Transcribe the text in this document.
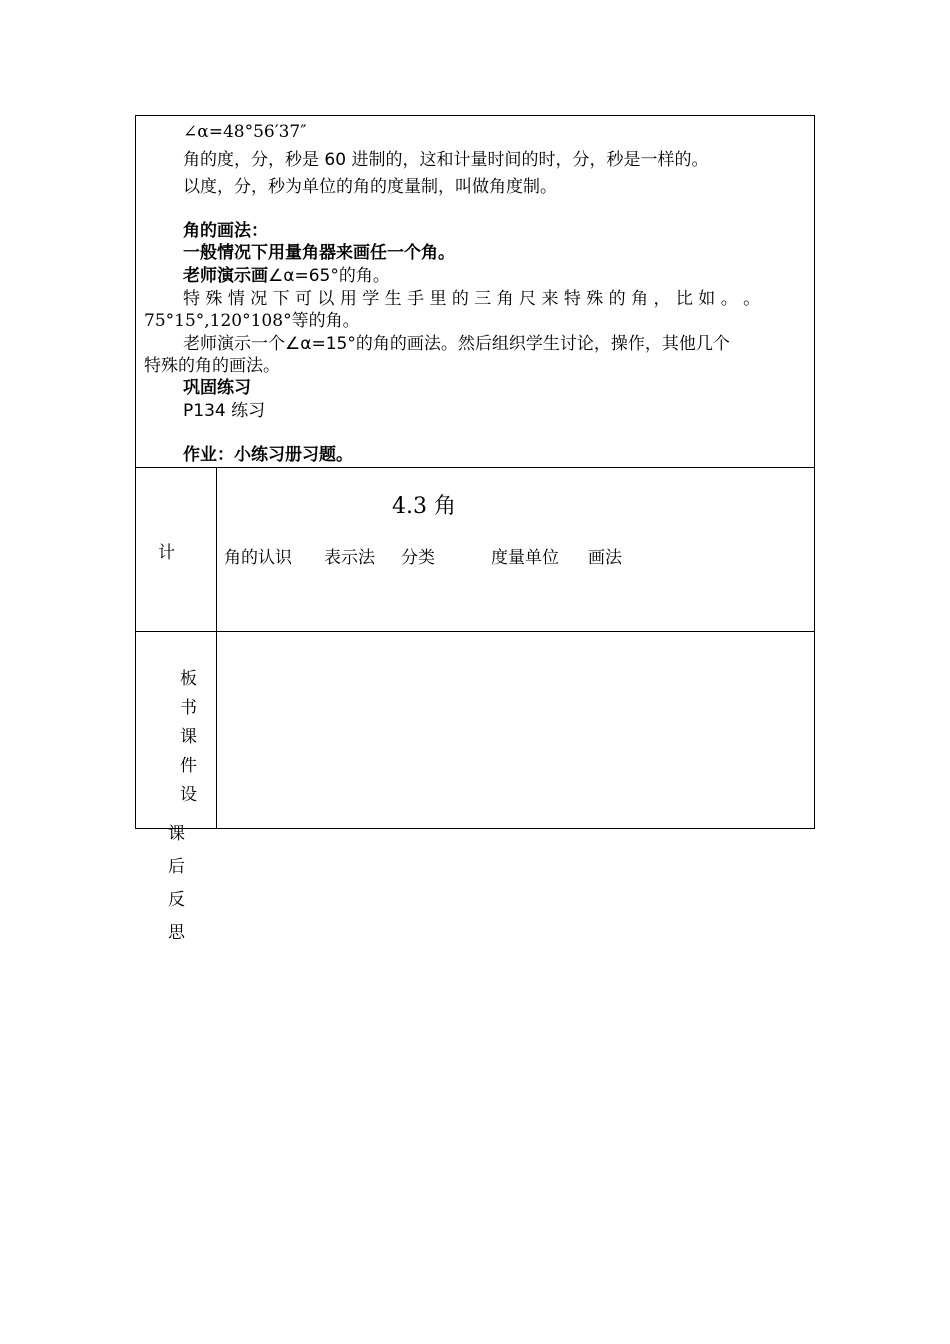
∠α=48°56′37″
角的度，分，秒是 60 进制的，这和计量时间的时，分，秒是一样的。
以度，分，秒为单位的角的度量制，叫做角度制。
角的画法：
一般情况下用量角器来画任一个角。
老师演示画∠α=65°的角。
特 殊 情 况 下 可 以 用 学 生 手 里 的 三 角 尺 来 特 殊 的 角 ， 比 如 。 。
75°15°,120°108°等的角。
老师演示一个∠α=15°的角的画法。然后组织学生讨论，操作，其他几个
特殊的角的画法。
巩固练习
P134 练习
作业：小练习册习题。
计
4.3 角
角的认识 表示法 分类	度量单位 画法
板
书
课
件
设
课
后
反
思
